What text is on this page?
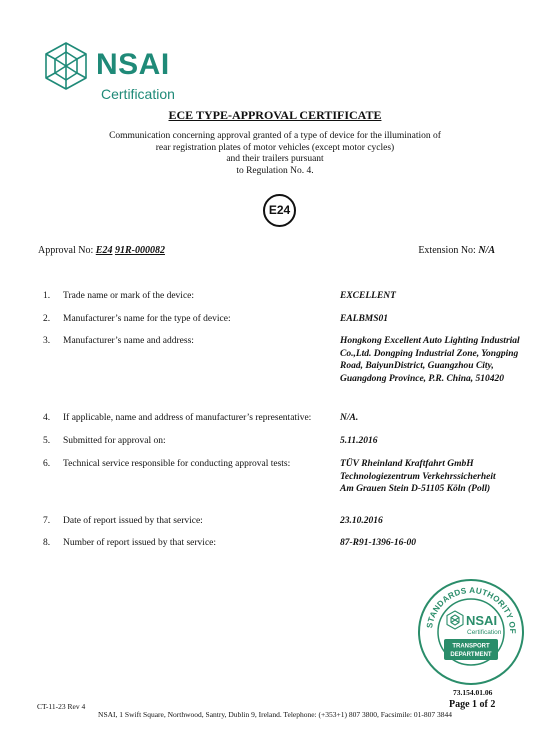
NSAI
Certification
ECE TYPE-APPROVAL CERTIFICATE
Communication concerning approval granted of a type of device for the illumination of
rear registration plates of motor vehicles (except motor cycles)
and their trailers pursuant
to Regulation No. 4.
E24
Approval No: E24 91R-000082	Extension No: N/A
1. Trade name or mark of the device:	EXCELLENT
2. Manufacturer’s name for the type of device:	EALBMS01
3. Manufacturer’s name and address:	Hongkong Excellent Auto Lighting Industrial Co.,Ltd. Dongping Industrial Zone, Yongping Road, BaiyunDistrict, Guangzhou City, Guangdong Province, P.R. China, 510420
4. If applicable, name and address of manufacturer’s representative:	N/A.
5. Submitted for approval on:	5.11.2016
6. Technical service responsible for conducting approval tests:	TÜV Rheinland Kraftfahrt GmbH Technologiezentrum Verkehrssicherheit Am Grauen Stein D-51105 Köln (Poll)
7. Date of report issued by that service:	23.10.2016
8. Number of report issued by that service:	87-R91-1396-16-00
STANDARDS AUTHORITY OF
NSAI
Certification
TRANSPORT
DEPARTMENT
73.154.01.06
Page 1 of 2
CT-11-23 Rev 4
NSAI, 1 Swift Square, Northwood, Santry, Dublin 9, Ireland. Telephone: (+353+1) 807 3800, Facsimile: 01-807 3844
